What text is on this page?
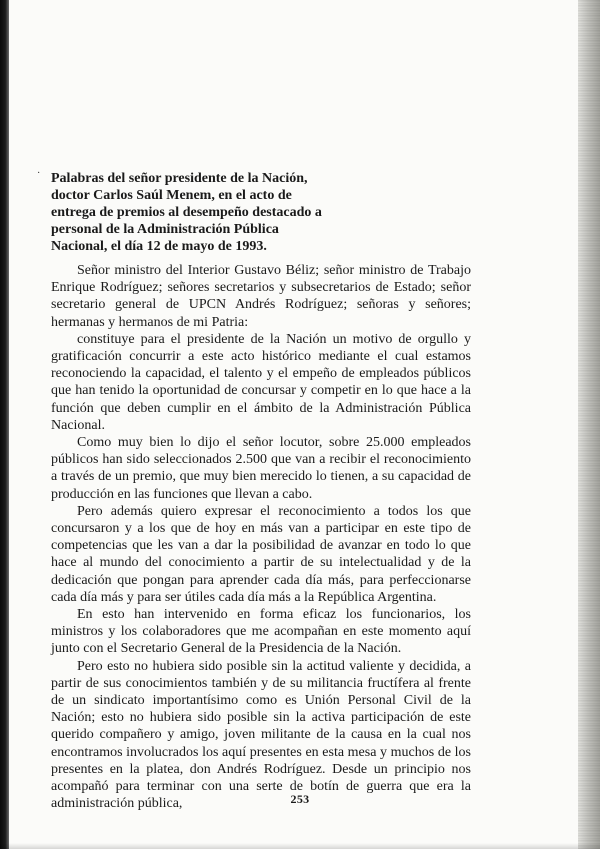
· Palabras del señor presidente de la Nación,
doctor Carlos Saúl Menem, en el acto de
entrega de premios al desempeño destacado a
personal de la Administración Pública
Nacional, el día 12 de mayo de 1993.

Señor ministro del Interior Gustavo Béliz; señor ministro de Trabajo Enrique Rodríguez; señores secretarios y subsecretarios de Estado; señor secretario general de UPCN Andrés Rodríguez; señoras y señores; hermanas y hermanos de mi Patria:

constituye para el presidente de la Nación un motivo de orgullo y gratificación concurrir a este acto histórico mediante el cual estamos reconociendo la capacidad, el talento y el empeño de empleados públicos que han tenido la oportunidad de concursar y competir en lo que hace a la función que deben cumplir en el ámbito de la Administración Pública Nacional.

Como muy bien lo dijo el señor locutor, sobre 25.000 empleados públicos han sido seleccionados 2.500 que van a recibir el reconocimiento a través de un premio, que muy bien merecido lo tienen, a su capacidad de producción en las funciones que llevan a cabo.

Pero además quiero expresar el reconocimiento a todos los que concursaron y a los que de hoy en más van a participar en este tipo de competencias que les van a dar la posibilidad de avanzar en todo lo que hace al mundo del conocimiento a partir de su intelectualidad y de la dedicación que pongan para aprender cada día más, para perfeccionarse cada día más y para ser útiles cada día más a la República Argentina.

En esto han intervenido en forma eficaz los funcionarios, los ministros y los colaboradores que me acompañan en este momento aquí junto con el Secretario General de la Presidencia de la Nación.

Pero esto no hubiera sido posible sin la actitud valiente y decidida, a partir de sus conocimientos también y de su militancia fructífera al frente de un sindicato importantísimo como es Unión Personal Civil de la Nación; esto no hubiera sido posible sin la activa participación de este querido compañero y amigo, joven militante de la causa en la cual nos encontramos involucrados los aquí presentes en esta mesa y muchos de los presentes en la platea, don Andrés Rodríguez. Desde un principio nos acompañó para terminar con una serte de botín de guerra que era la administración pública,	253
